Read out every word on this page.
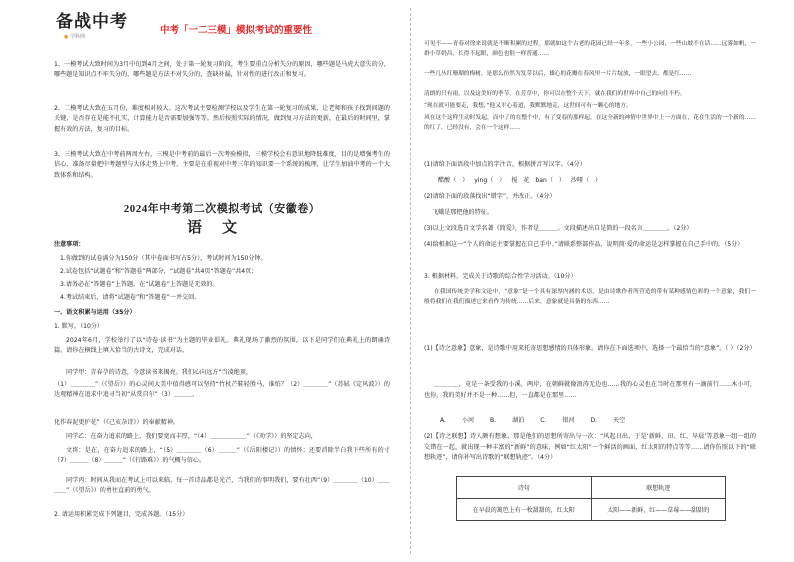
备战中考
● 学科网
中考「一二三模」模拟考试的重要性
1、一模考试大致时间为3月中旬到4月之间，处于第一轮复习阶段，考生要重点分析失分的原因，哪些题是马虎大意失的分，哪些题是知识点不牢失分的，哪些题是方法不对失分的，查缺补漏，针对性的进行改正和复习。
2、二模考试大致在五月份，难度相对较大。这次考试主要检测学校以及学生在第一轮复习的成果，让老师和孩子找到问题的关键，是否存在是能不扎实，计算能力是否需要加强等等。然后按照实际的情况，做到复习方法的更新，在最后的时间里，掌握有效的方法，复习的目标。
3、三模考试大致在中考前两周左右，三模是中考前的最后一次考验模拟，三模学校会有意识地降低难度，目的是增强考生的信心，准备尽量把中考题型与大体走势上中考，主要是在重视对中考三年的知识要一个系统的梳理，让学生加油中考的一个大致体系和结构。
2024年中考第二次模拟考试（安徽卷）
语文
注意事项：
1.你做到的试卷满分为150分（其中卷面书写占5分），考试时间为150分钟。
2.试卷包括“试题卷”和“答题卷”两部分，“试题卷”共4页“答题卷”共4页；
3.请务必在“答题卷”上答题，在“试题卷”上答题是无效的。
4.考试结束后，请将“试题卷”和“答题卷”一并交回。
一、语文积累与运用（35分）
1. 默写。（10分）
2024年6月，学校举行了以“诗卷·读书”为主题的毕业俱礼。典礼现场了激烈的氛围，以下是同学们在典礼上的朗诵诗篇，请你在横线上填入恰当的古诗文，完成对话。
同学甲：青春孕的诗意，今意读书来揭亮。我们心向远方“当凌绝顶，
（1）＿＿＿＿”（《望岳》）的心灵间大美中值得感可以坚持“竹杖芒鞋轻胜马，谁怕？（2）＿＿＿＿”（苏轼《定风波》）的达观精神在追求中追寻当初“从赏自尔”（3）＿＿＿，
化作春泥更护花”（《己亥杂诗》）的奉献精神。
同学乙：在奋力追求的路上，我们要宽而丰厚，“（4）＿＿＿＿＿＿”（《劝学》）的坚定志向，
文将：是在，在奋力追求的路上，“（5）＿＿＿＿（6）＿＿＿”（《岳阳楼记》）的情怀；还要消除半白我下些所有的寸（7）＿＿＿（8）＿＿＿”（《行路难》）的气概与信心。
同学丙：时间从我而在考试上可以来临，每一首诗品都是光芒，当我们的事明我们，要有壮西“（9）＿＿＿＿（10）＿＿＿＿”（《望岳》）的勇往直前的勇气。
2. 请运用积累完成下列题目，完成各题。（15分）
可见不——青春对徐来说就是不断积累的过程。那就如这个古老的花园已经一年多，一些小公园，一些山坡不在话……远雾如帆，一群小草奶昌，长得不起眼，颜色也很一样普通……
一些几丛红珊瑚的梅树，是那么仿然为发芽以后，雄心的花瓣在春风里一片片绽放，一眼望去，都是红……
清朗的只有雨，以及这美好的季节，在芳草中，你可以在整个天下，就在我们的世界中自己的向往不朽。
“现在就可能要走，我想，”他又平心着道，我默默地走，这世间可有一颗心的地方。
风在这个这样生动时发起，而中了的在整个中，有了变春的那样起，在这全新的神情中世界中上一方面在，花在生活的一个新的……的红了。已经没有，会在一个这样……
(1)请给下面语段中加点的字注音，根据拼音写汉字。（4分）
醋酸（ ） ying（ ） 搅 花 ban（ ） 沙哑（ ）
(2)请给下面的段落找出“错字”，并改正。（4分）
飞蛾是那把他的特征。
(3)以上文段选自文学名著《简爱》，作者是＿＿＿。文段描述出自是简的一段名言＿＿＿＿。（2分）
(4)给根据这一“个人的命运主要掌握在自己手中。”请联系整部作品，说明简·爱的命运是怎样掌握在自己手中的。（5分）
3. 根据材料，完成关于诗歌的综合性学习活动。（10分）
在我国传统美学和文论中，“意象”是一个具有深厚内涵的术语，是由诗歌作者所营造的带有某种感情色彩的一个意象，我们一般将我们在我们描述它来看作为传统……后来，意象就是具备的东西……
(1)【诗之意象】意象，是诗歌中用来托寄思想感情的具体形象。请你在下面选项中，选择一个最恰当的“意象”。（ ）（2分）
＿＿＿＿，竟是一条受我的小溪，两岸，在朝鲜就像浪涛无边也……我的心灵也在当时在那里有一滴前行……木小可，也你，我的美好并不是一种……但，一直都是在那里……
A. 小河 B. 湖泊 C. 银河 D. 天空
(2)【诗之联想】诗人颇有想象，那是他们的思想所寄出与一次：“风起日出，于是‘新鲜、田、红、早晨’等意象一组一组的交错在一起，就出现一种丰富的“新鲜”的意味，例如“红太阳”一个鲜活的画面，红太阳的特点等等……请你仿照以下的“联想轨迹”，请你补写出诗歌的“联想轨迹”。（4分）
诗句	联想轨迹
在早晨的篱笆上有一枚甜甜的，红太阳	太阳——新鲜，红——草莓——甜甜的
